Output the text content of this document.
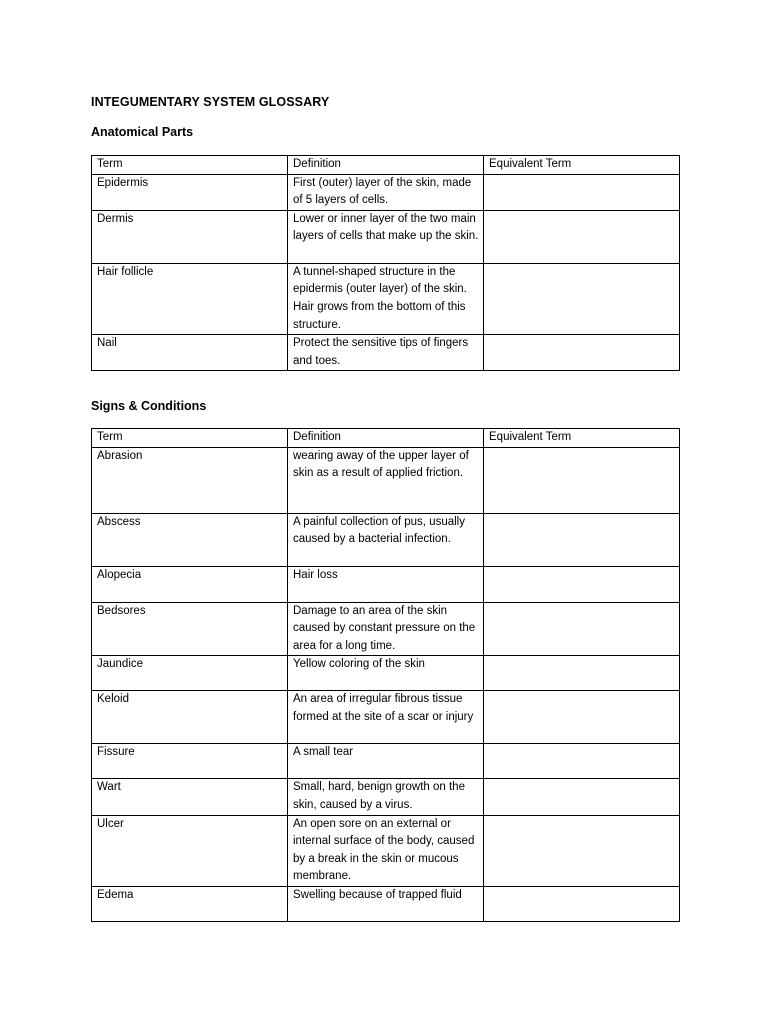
INTEGUMENTARY SYSTEM GLOSSARY
Anatomical Parts
Term	Definition	Equivalent Term
Epidermis	First (outer) layer of the skin, made of 5 layers of cells.	
Dermis	Lower or inner layer of the two main layers of cells that make up the skin.	
Hair follicle	A tunnel-shaped structure in the epidermis (outer layer) of the skin. Hair grows from the bottom of this structure.	
Nail	Protect the sensitive tips of fingers and toes.	
Signs & Conditions
Term	Definition	Equivalent Term
Abrasion	wearing away of the upper layer of skin as a result of applied friction.	
Abscess	A painful collection of pus, usually caused by a bacterial infection.	
Alopecia	Hair loss	
Bedsores	Damage to an area of the skin caused by constant pressure on the area for a long time.	
Jaundice	Yellow coloring of the skin	
Keloid	An area of irregular fibrous tissue formed at the site of a scar or injury	
Fissure	A small tear	
Wart	Small, hard, benign growth on the skin, caused by a virus.	
Ulcer	An open sore on an external or internal surface of the body, caused by a break in the skin or mucous membrane.	
Edema	Swelling because of trapped fluid	
